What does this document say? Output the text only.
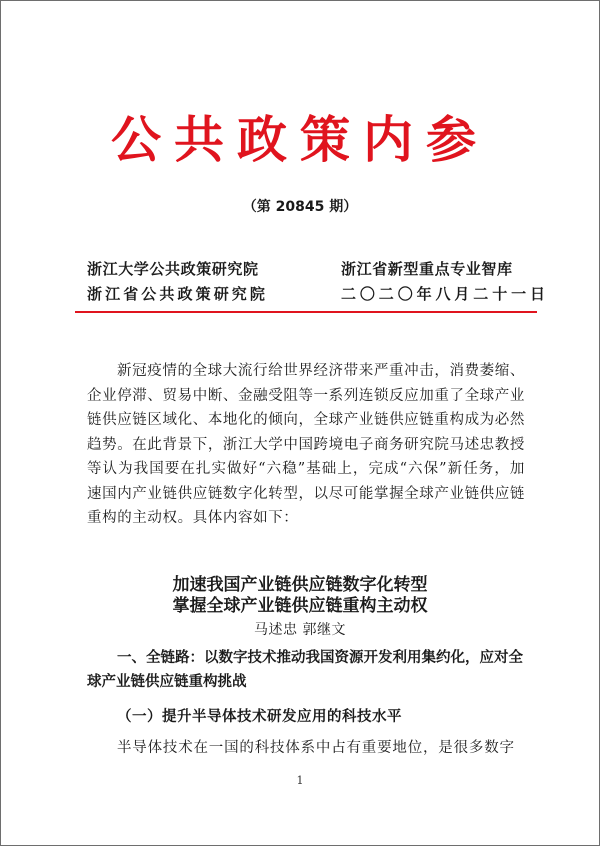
公共政策内参
（第 20845 期）
浙江大学公共政策研究院	浙江省新型重点专业智库
浙江省公共政策研究院	二〇二〇年八月二十一日
新冠疫情的全球大流行给世界经济带来严重冲击，消费萎缩、企业停滞、贸易中断、金融受阻等一系列连锁反应加重了全球产业链供应链区域化、本地化的倾向，全球产业链供应链重构成为必然趋势。在此背景下，浙江大学中国跨境电子商务研究院马述忠教授等认为我国要在扎实做好“六稳”基础上，完成“六保”新任务，加速国内产业链供应链数字化转型，以尽可能掌握全球产业链供应链重构的主动权。具体内容如下：
加速我国产业链供应链数字化转型
掌握全球产业链供应链重构主动权
马述忠 郭继文
一、全链路：以数字技术推动我国资源开发利用集约化，应对全球产业链供应链重构挑战
（一）提升半导体技术研发应用的科技水平
半导体技术在一国的科技体系中占有重要地位，是很多数字
1
